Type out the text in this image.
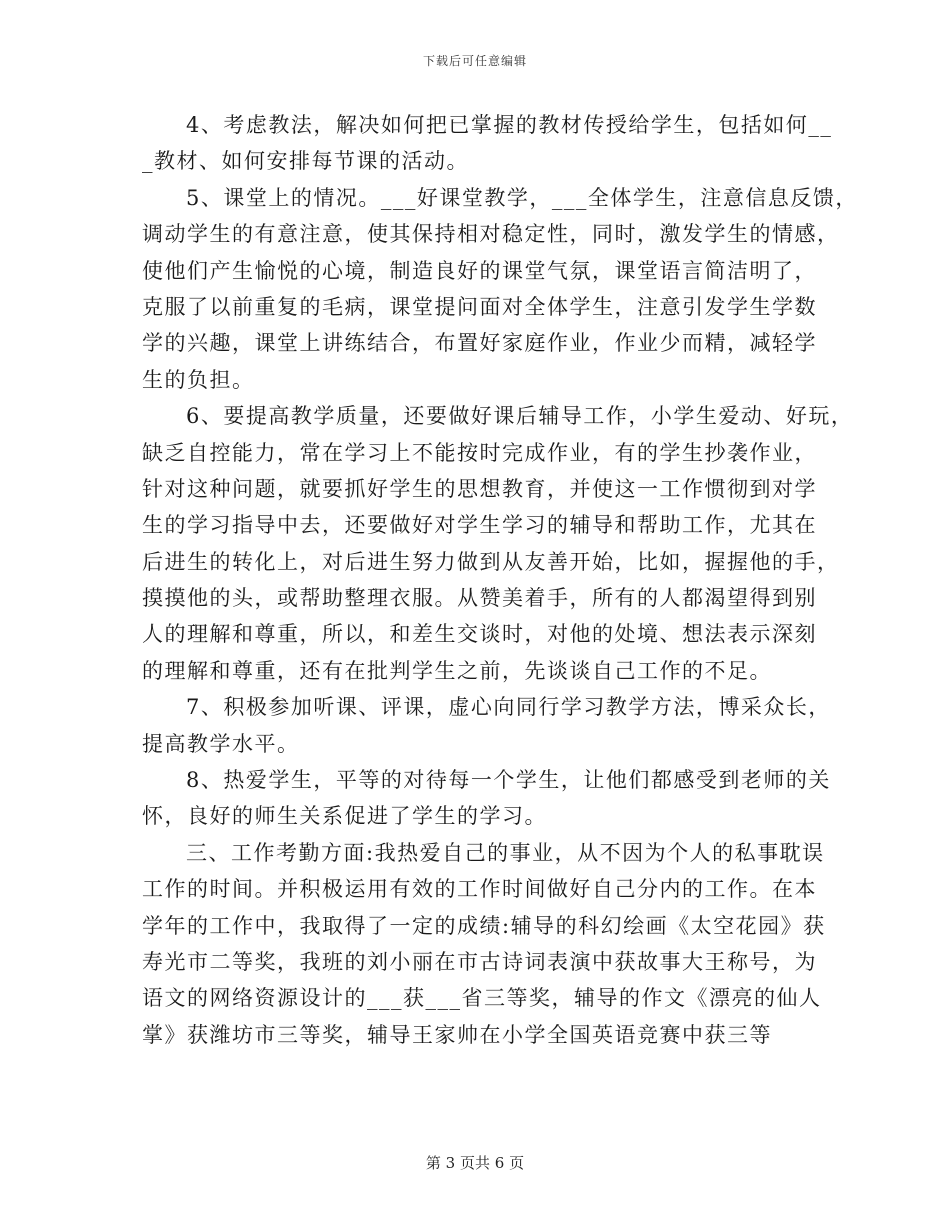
下载后可任意编辑
4、考虑教法，解决如何把已掌握的教材传授给学生，包括如何__
_教材、如何安排每节课的活动。
5、课堂上的情况。___好课堂教学，___全体学生，注意信息反馈，
调动学生的有意注意，使其保持相对稳定性，同时，激发学生的情感，
使他们产生愉悦的心境，制造良好的课堂气氛，课堂语言简洁明了，
克服了以前重复的毛病，课堂提问面对全体学生，注意引发学生学数
学的兴趣，课堂上讲练结合，布置好家庭作业，作业少而精，减轻学
生的负担。
6、要提高教学质量，还要做好课后辅导工作，小学生爱动、好玩，
缺乏自控能力，常在学习上不能按时完成作业，有的学生抄袭作业，
针对这种问题，就要抓好学生的思想教育，并使这一工作惯彻到对学
生的学习指导中去，还要做好对学生学习的辅导和帮助工作，尤其在
后进生的转化上，对后进生努力做到从友善开始，比如，握握他的手，
摸摸他的头，或帮助整理衣服。从赞美着手，所有的人都渴望得到别
人的理解和尊重，所以，和差生交谈时，对他的处境、想法表示深刻
的理解和尊重，还有在批判学生之前，先谈谈自己工作的不足。
7、积极参加听课、评课，虚心向同行学习教学方法，博采众长，
提高教学水平。
8、热爱学生，平等的对待每一个学生，让他们都感受到老师的关
怀，良好的师生关系促进了学生的学习。
三、工作考勤方面:我热爱自己的事业，从不因为个人的私事耽误
工作的时间。并积极运用有效的工作时间做好自己分内的工作。在本
学年的工作中，我取得了一定的成绩:辅导的科幻绘画《太空花园》获
寿光市二等奖，我班的刘小丽在市古诗词表演中获故事大王称号，为
语文的网络资源设计的___获___省三等奖，辅导的作文《漂亮的仙人
掌》获潍坊市三等奖，辅导王家帅在小学全国英语竞赛中获三等
第 3 页共 6 页
